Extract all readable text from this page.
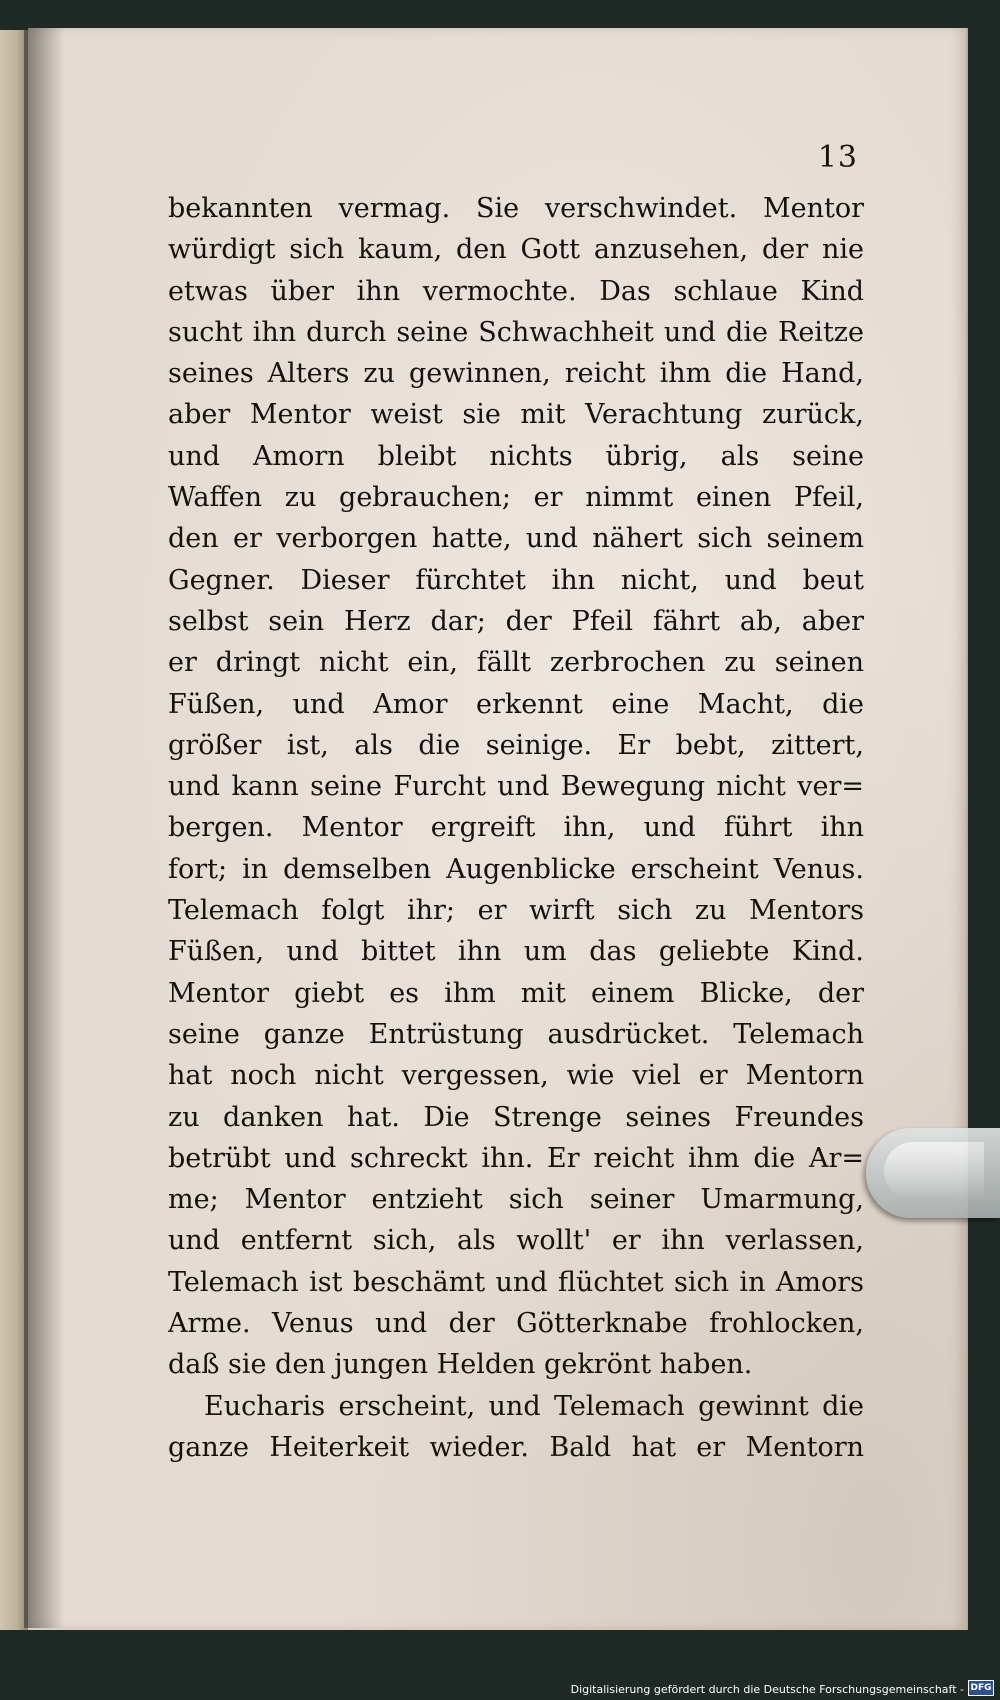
13
bekannten vermag. Sie verschwindet. Mentor
würdigt sich kaum, den Gott anzusehen, der nie
etwas über ihn vermochte. Das schlaue Kind
sucht ihn durch seine Schwachheit und die Reitze
seines Alters zu gewinnen, reicht ihm die Hand,
aber Mentor weist sie mit Verachtung zurück,
und Amorn bleibt nichts übrig, als seine
Waffen zu gebrauchen; er nimmt einen Pfeil,
den er verborgen hatte, und nähert sich seinem
Gegner. Dieser fürchtet ihn nicht, und beut
selbst sein Herz dar; der Pfeil fährt ab, aber
er dringt nicht ein, fällt zerbrochen zu seinen
Füßen, und Amor erkennt eine Macht, die
größer ist, als die seinige. Er bebt, zittert,
und kann seine Furcht und Bewegung nicht ver=
bergen. Mentor ergreift ihn, und führt ihn
fort; in demselben Augenblicke erscheint Venus.
Telemach folgt ihr; er wirft sich zu Mentors
Füßen, und bittet ihn um das geliebte Kind.
Mentor giebt es ihm mit einem Blicke, der
seine ganze Entrüstung ausdrücket. Telemach
hat noch nicht vergessen, wie viel er Mentorn
zu danken hat. Die Strenge seines Freundes
betrübt und schreckt ihn. Er reicht ihm die Ar=
me; Mentor entzieht sich seiner Umarmung,
und entfernt sich, als wollt' er ihn verlassen,
Telemach ist beschämt und flüchtet sich in Amors
Arme. Venus und der Götterknabe frohlocken,
daß sie den jungen Helden gekrönt haben.
Eucharis erscheint, und Telemach gewinnt die
ganze Heiterkeit wieder. Bald hat er Mentorn
Digitalisierung gefördert durch die Deutsche Forschungsgemeinschaft - DFG
